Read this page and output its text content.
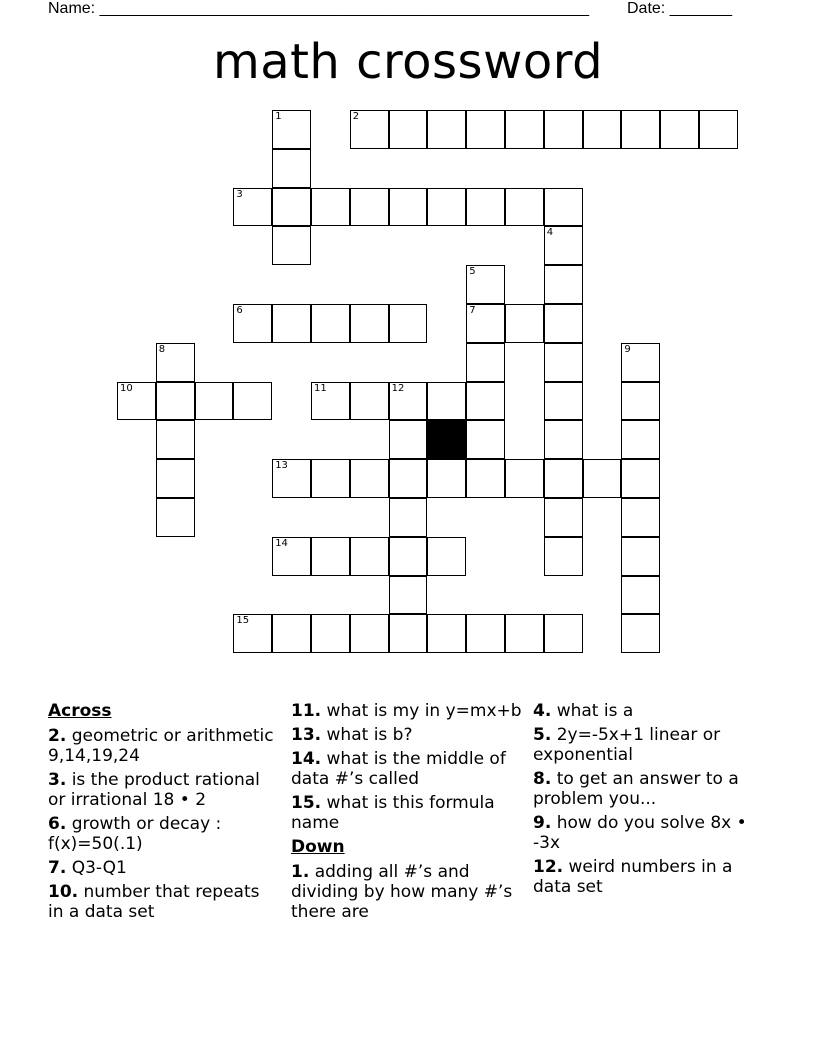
Name: _______________________________________________________ Date: _______
math crossword
1	2
3
4
5
6	7
8	9
10	11	12
13
14
15
Across
2. geometric or arithmetic 9,14,19,24
3. is the product rational or irrational 18 • 2
6. growth or decay : f(x)=50(.1)
7. Q3-Q1
10. number that repeats in a data set
11. what is my in y=mx+b
13. what is b?
14. what is the middle of data #’s called
15. what is this formula name
Down
1. adding all #’s and dividing by how many #’s there are
4. what is a
5. 2y=-5x+1 linear or exponential
8. to get an answer to a problem you...
9. how do you solve 8x • -3x
12. weird numbers in a data set
